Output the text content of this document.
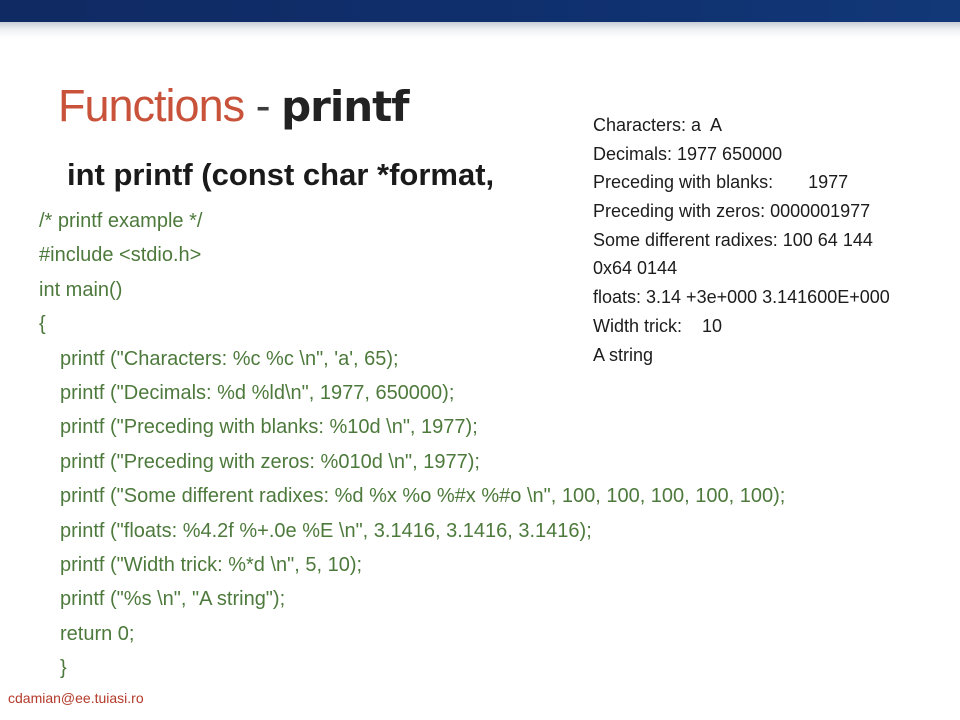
Functions - printf
int printf (const char *format,
/* printf example */
#include <stdio.h>
int main()
{
printf ("Characters: %c %c \n", 'a', 65);
printf ("Decimals: %d %ld\n", 1977, 650000);
printf ("Preceding with blanks: %10d \n", 1977);
printf ("Preceding with zeros: %010d \n", 1977);
printf ("Some different radixes: %d %x %o %#x %#o \n", 100, 100, 100, 100, 100);
printf ("floats: %4.2f %+.0e %E \n", 3.1416, 3.1416, 3.1416);
printf ("Width trick: %*d \n", 5, 10);
printf ("%s \n", "A string");
return 0;
}
Characters: a  A
Decimals: 1977 650000
Preceding with blanks:       1977
Preceding with zeros: 0000001977
Some different radixes: 100 64 144
0x64 0144
floats: 3.14 +3e+000 3.141600E+000
Width trick:    10
A string
cdamian@ee.tuiasi.ro
